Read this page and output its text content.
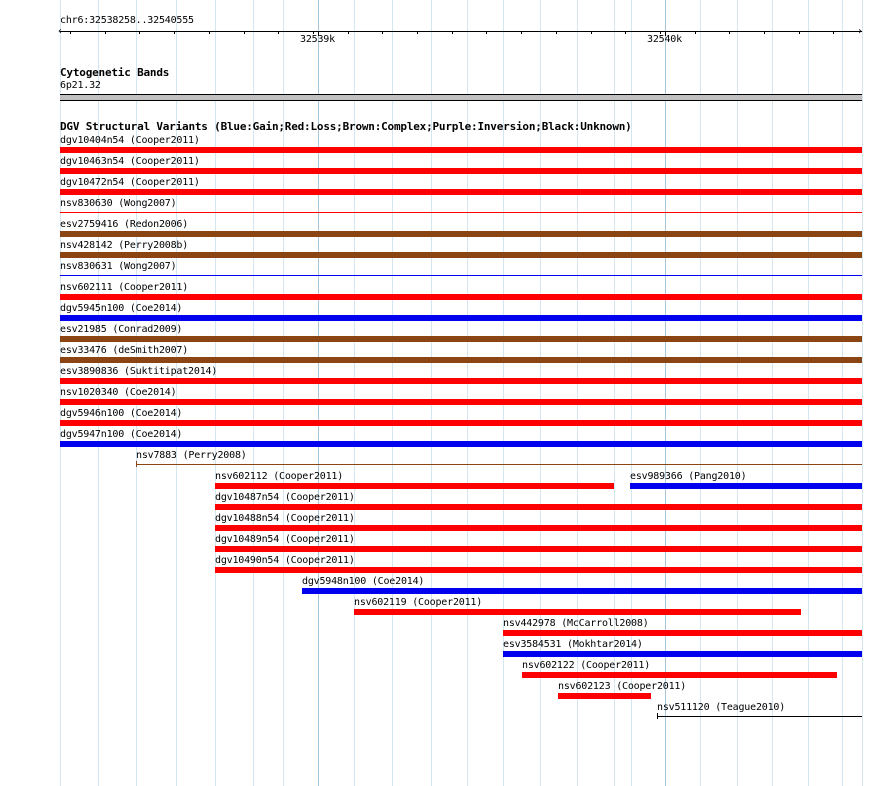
chr6:32538258..32540555
‹	›
32539k	32540k
Cytogenetic Bands
6p21.32
DGV Structural Variants (Blue:Gain;Red:Loss;Brown:Complex;Purple:Inversion;Black:Unknown)
dgv10404n54 (Cooper2011)
dgv10463n54 (Cooper2011)
dgv10472n54 (Cooper2011)
nsv830630 (Wong2007)
esv2759416 (Redon2006)
nsv428142 (Perry2008b)
nsv830631 (Wong2007)
nsv602111 (Cooper2011)
dgv5945n100 (Coe2014)
esv21985 (Conrad2009)
esv33476 (deSmith2007)
esv3890836 (Suktitipat2014)
nsv1020340 (Coe2014)
dgv5946n100 (Coe2014)
dgv5947n100 (Coe2014)
nsv7883 (Perry2008)
nsv602112 (Cooper2011)	esv989366 (Pang2010)
dgv10487n54 (Cooper2011)
dgv10488n54 (Cooper2011)
dgv10489n54 (Cooper2011)
dgv10490n54 (Cooper2011)
dgv5948n100 (Coe2014)
nsv602119 (Cooper2011)
nsv442978 (McCarroll2008)
esv3584531 (Mokhtar2014)
nsv602122 (Cooper2011)
nsv602123 (Cooper2011)
nsv511120 (Teague2010)
